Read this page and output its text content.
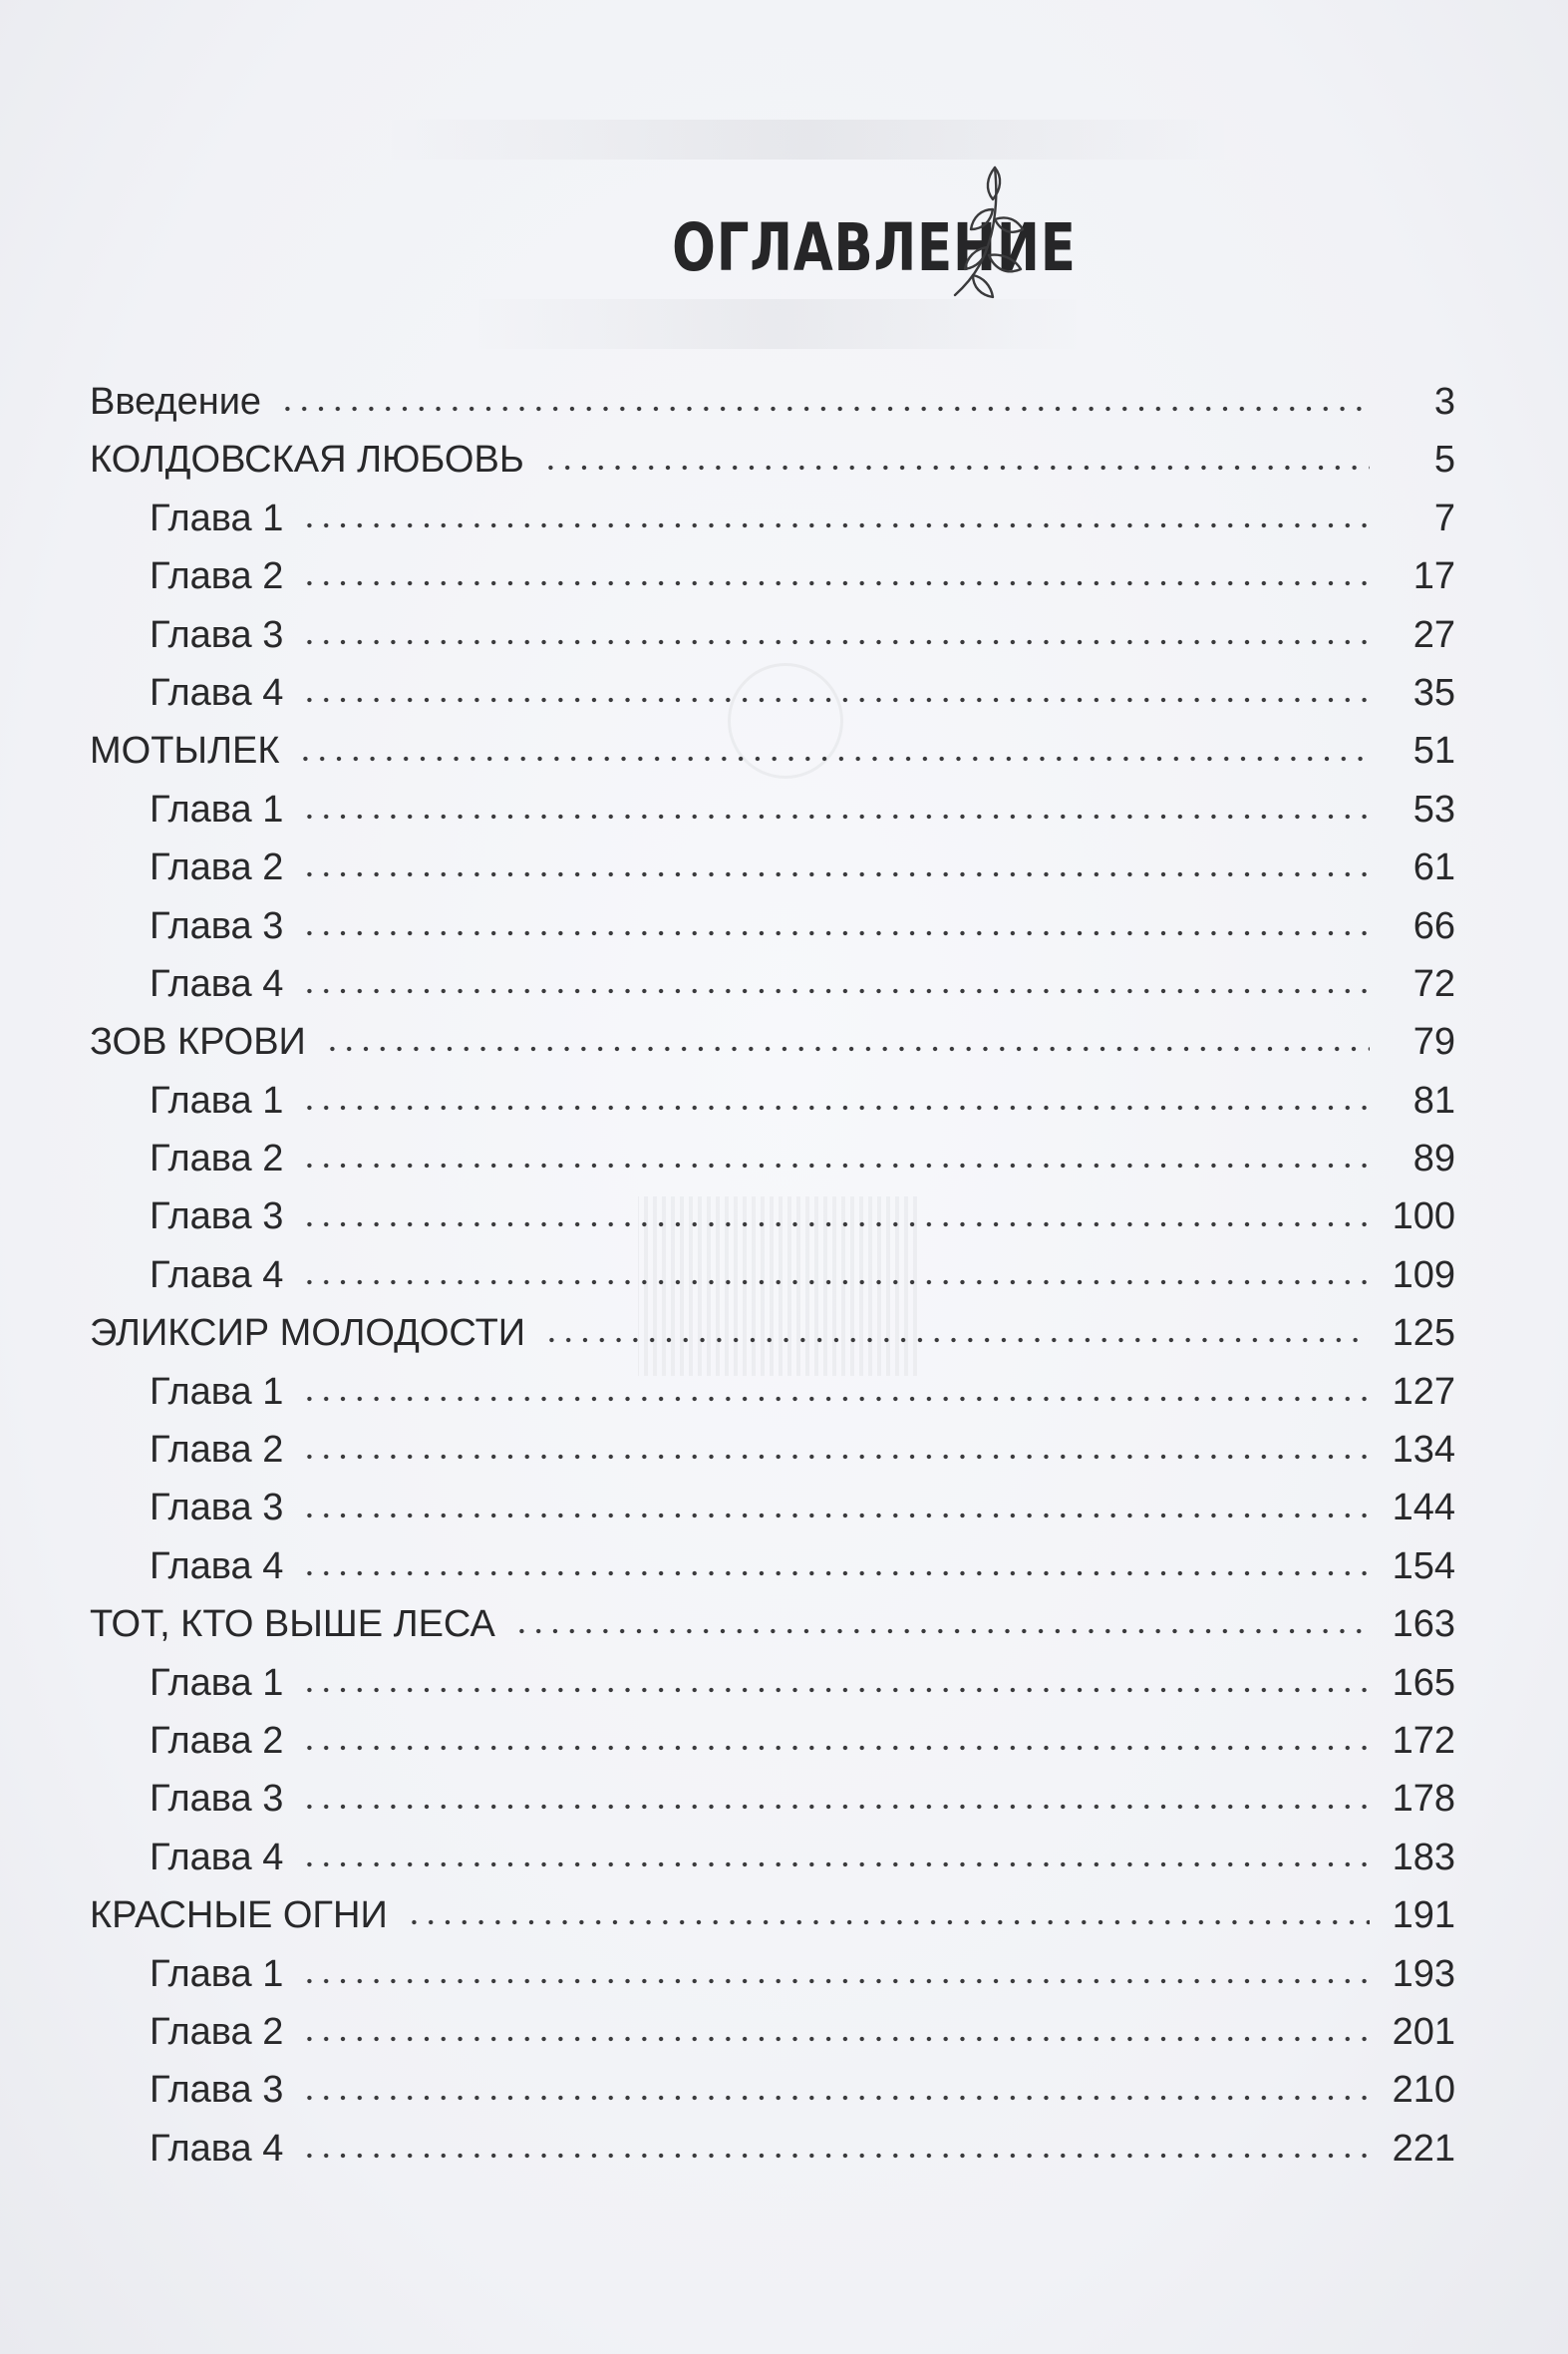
ОГЛАВЛЕНИЕ
Введение	3
КОЛДОВСКАЯ ЛЮБОВЬ	5
Глава 1	7
Глава 2	17
Глава 3	27
Глава 4	35
МОТЫЛЕК	51
Глава 1	53
Глава 2	61
Глава 3	66
Глава 4	72
ЗОВ КРОВИ	79
Глава 1	81
Глава 2	89
Глава 3	100
Глава 4	109
ЭЛИКСИР МОЛОДОСТИ	125
Глава 1	127
Глава 2	134
Глава 3	144
Глава 4	154
ТОТ, КТО ВЫШЕ ЛЕСА	163
Глава 1	165
Глава 2	172
Глава 3	178
Глава 4	183
КРАСНЫЕ ОГНИ	191
Глава 1	193
Глава 2	201
Глава 3	210
Глава 4	221
